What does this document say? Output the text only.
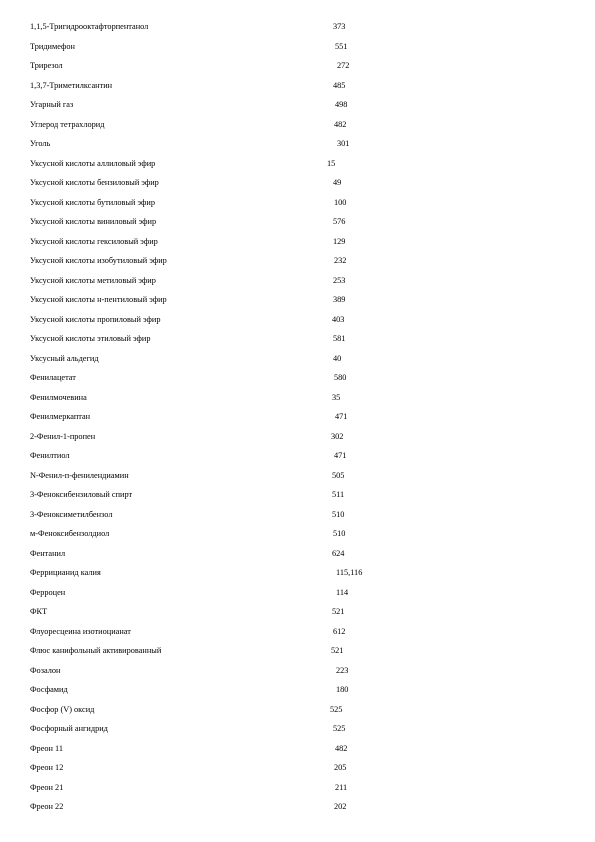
1,1,5-Тригидрооктафторпентанол	373
Тридимефон	551
Трирезол	272
1,3,7-Триметилксантин	485
Угарный газ	498
Углерод тетрахлорид	482
Уголь	301
Уксусной кислоты аллиловый эфир	15
Уксусной кислоты бензиловый эфир	49
Уксусной кислоты бутиловый эфир	100
Уксусной кислоты виниловый эфир	576
Уксусной кислоты гексиловый эфир	129
Уксусной кислоты изобутиловый эфир	232
Уксусной кислоты метиловый эфир	253
Уксусной кислоты н-пентиловый эфир	389
Уксусной кислоты пропиловый эфир	403
Уксусной кислоты этиловый эфир	581
Уксусный альдегид	40
Фенилацетат	580
Фенилмочевина	35
Фенилмеркаптан	471
2-Фенил-1-пропен	302
Фенилтиол	471
N-Фенил-п-фенилендиамин	505
3-Феноксибензиловый спирт	511
3-Феноксиметилбензол	510
м-Феноксибензолдиол	510
Фентанил	624
Феррицианид калия	115,116
Ферроцен	114
ФКТ	521
Флуоресцеина изотиоцианат	612
Флюс канифольный активированный	521
Фозалон	223
Фосфамид	180
Фосфор (V) оксид	525
Фосфорный ангидрид	525
Фреон 11	482
Фреон 12	205
Фреон 21	211
Фреон 22	202
